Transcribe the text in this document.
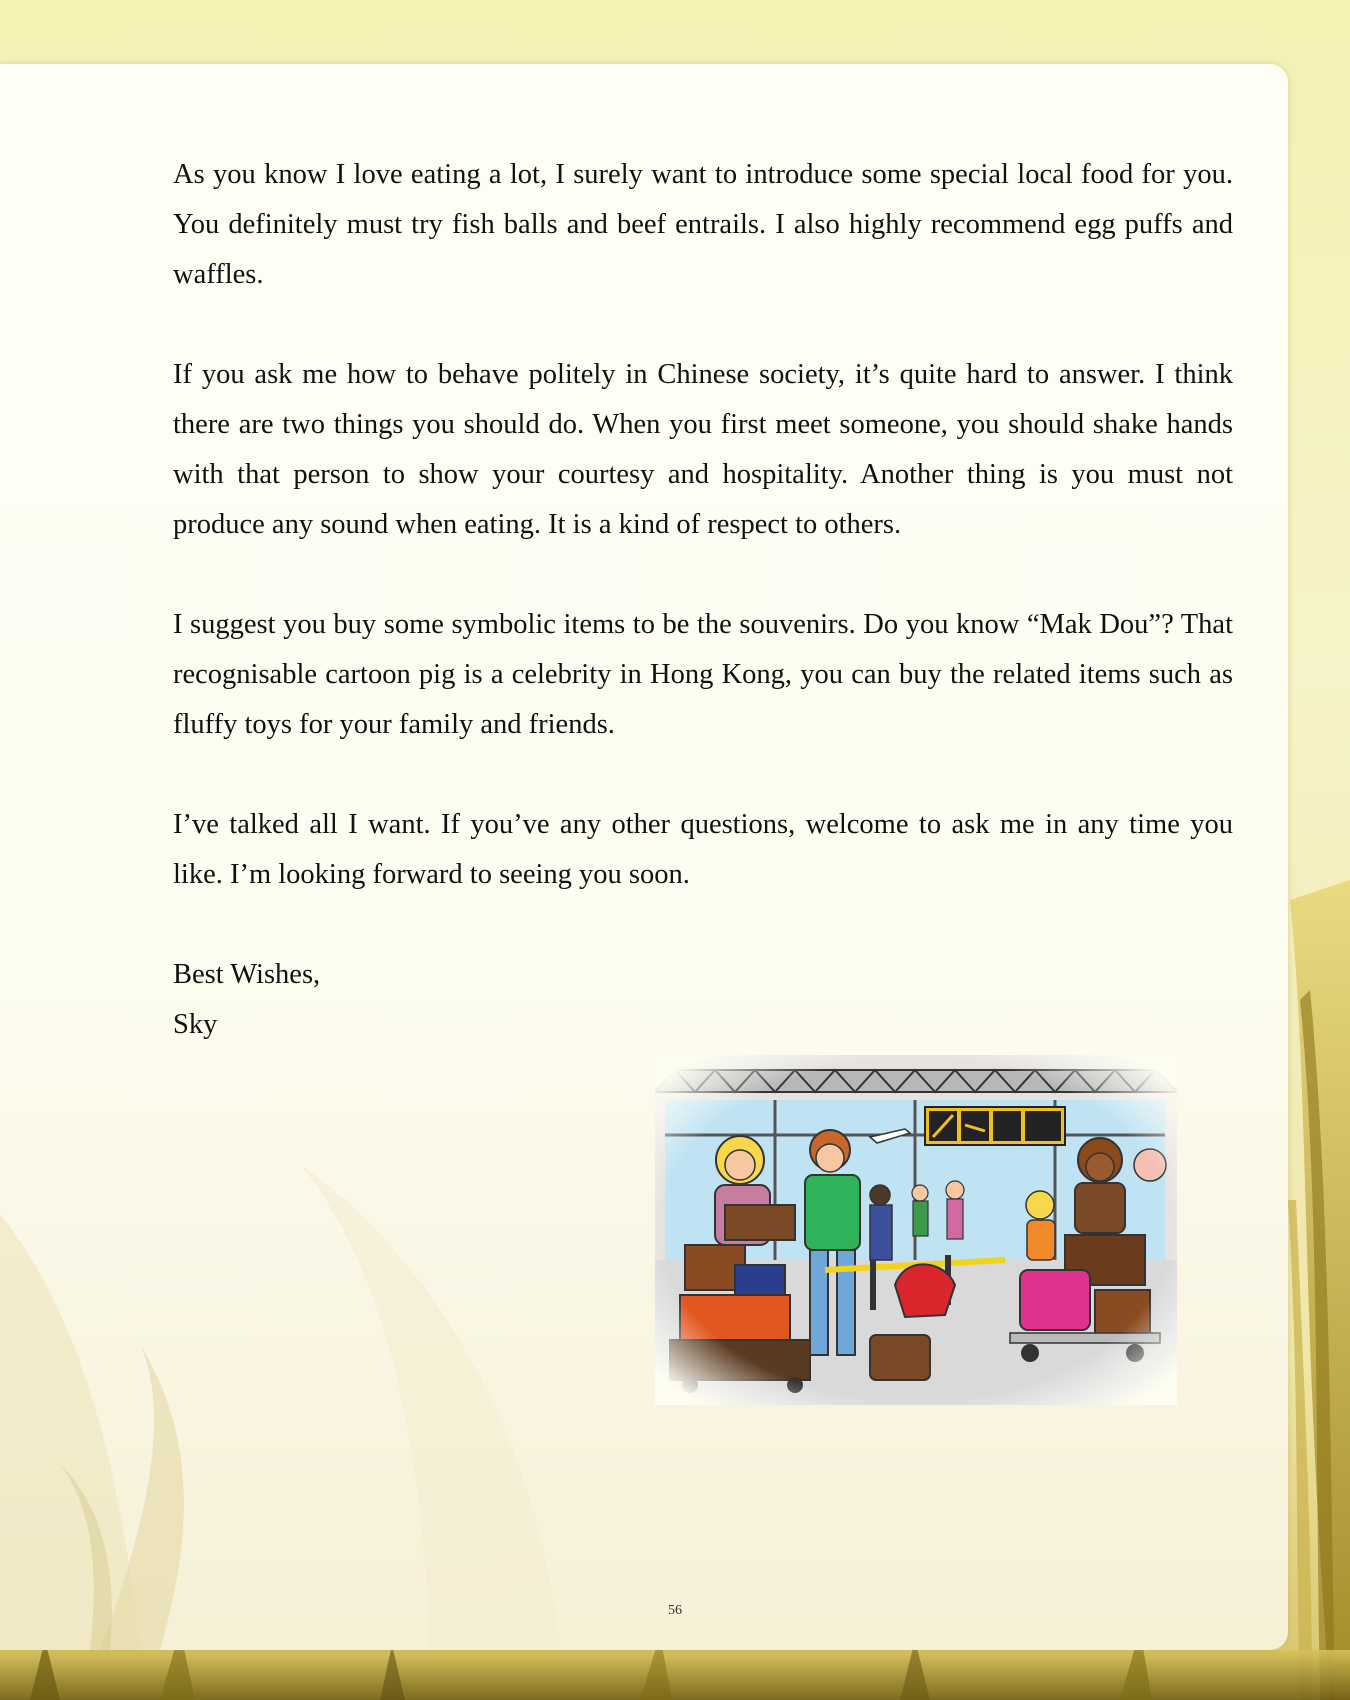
As you know I love eating a lot, I surely want to introduce some special local food for you. You definitely must try fish balls and beef entrails. I also highly recommend egg puffs and waffles.

If you ask me how to behave politely in Chinese society, it’s quite hard to answer. I think there are two things you should do. When you first meet someone, you should shake hands with that person to show your courtesy and hospitality. Another thing is you must not produce any sound when eating. It is a kind of respect to others.

I suggest you buy some symbolic items to be the souvenirs. Do you know “Mak Dou”? That recognisable cartoon pig is a celebrity in Hong Kong, you can buy the related items such as fluffy toys for your family and friends.

I’ve talked all I want. If you’ve any other questions, welcome to ask me in any time you like. I’m looking forward to seeing you soon.

Best Wishes,

Sky

56
